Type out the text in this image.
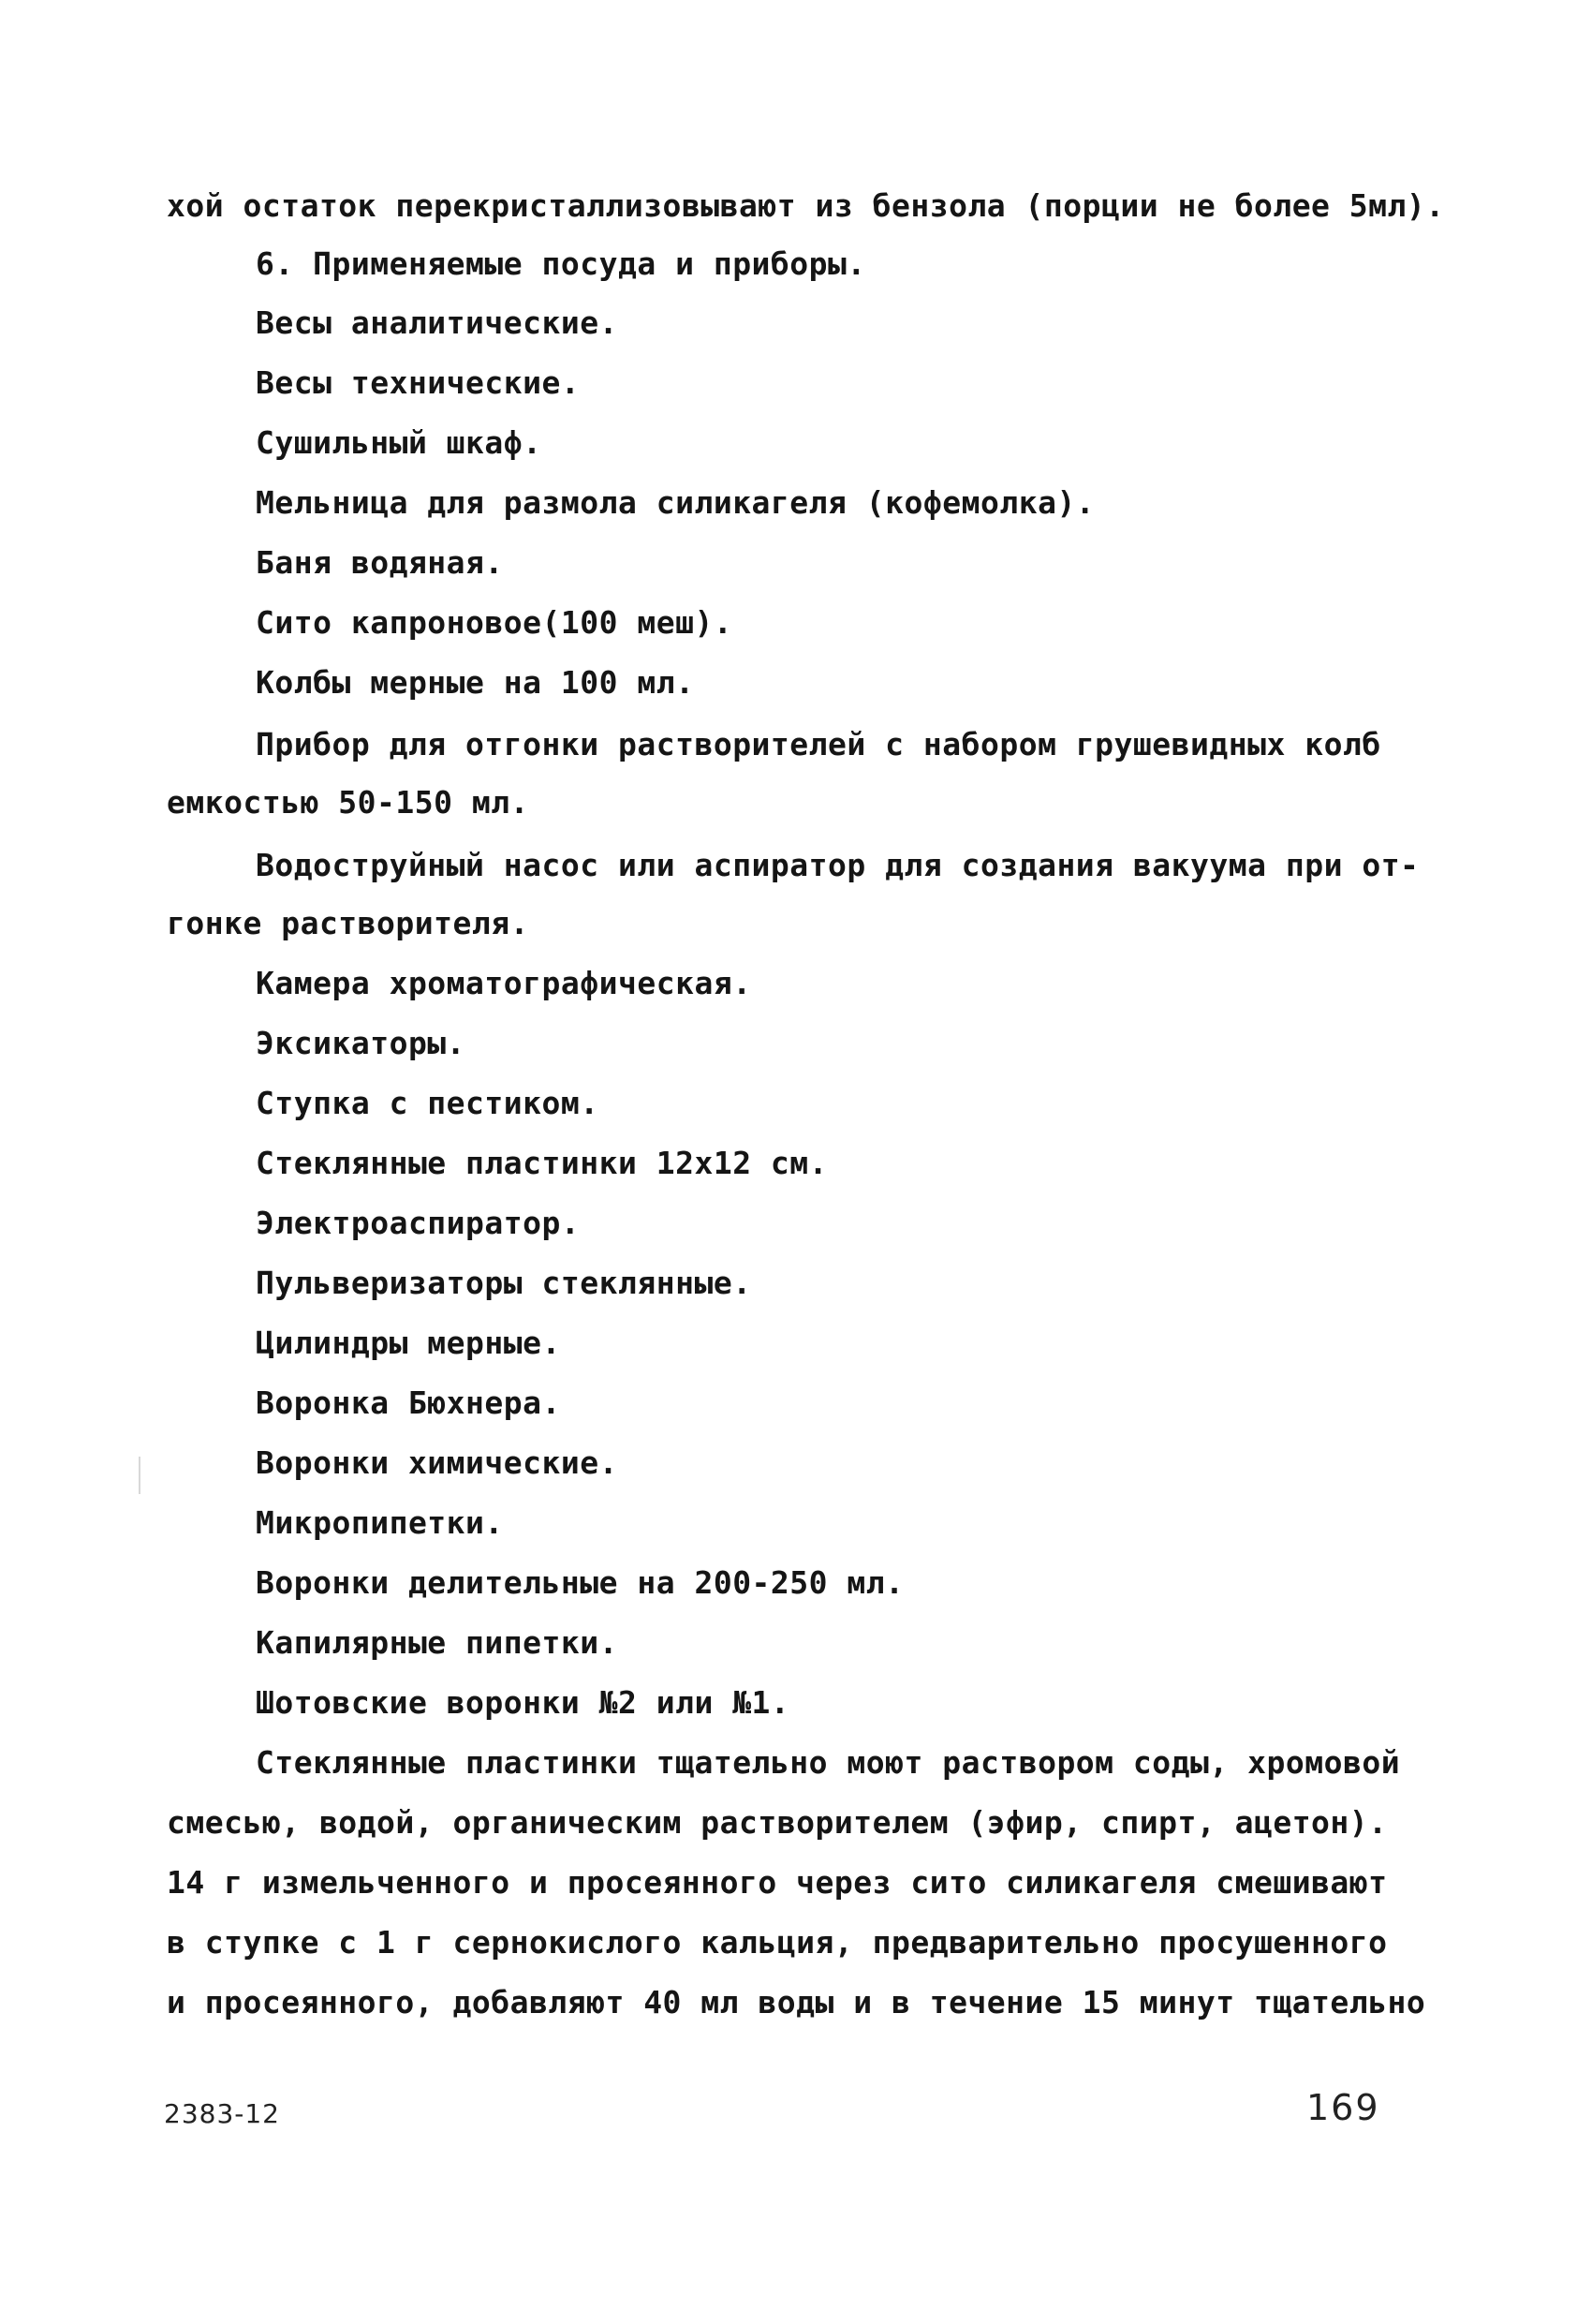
хой остаток перекристаллизовывают из бензола (порции не более 5мл).
6. Применяемые посуда и приборы.
Весы аналитические.
Весы технические.
Сушильный шкаф.
Мельница для размола силикагеля (кофемолка).
Баня водяная.
Сито капроновое(100 меш).
Колбы мерные на 100 мл.
Прибор для отгонки растворителей с набором грушевидных колб
емкостью 50-150 мл.
Водоструйный насос или аспиратор для создания вакуума при от-
гонке растворителя.
Камера хроматографическая.
Эксикаторы.
Ступка с пестиком.
Стеклянные пластинки 12x12 см.
Электроаспиратор.
Пульверизаторы стеклянные.
Цилиндры мерные.
Воронка Бюхнера.
Воронки химические.
Микропипетки.
Воронки делительные на 200-250 мл.
Капилярные пипетки.
Шотовские воронки №2 или №1.
Стеклянные пластинки тщательно моют раствором соды, хромовой
смесью, водой, органическим растворителем (эфир, спирт, ацетон).
14 г измельченного и просеянного через сито силикагеля смешивают
в ступке с 1 г сернокислого кальция, предварительно просушенного
и просеянного, добавляют 40 мл воды и в течение 15 минут тщательно
2383-12	169
